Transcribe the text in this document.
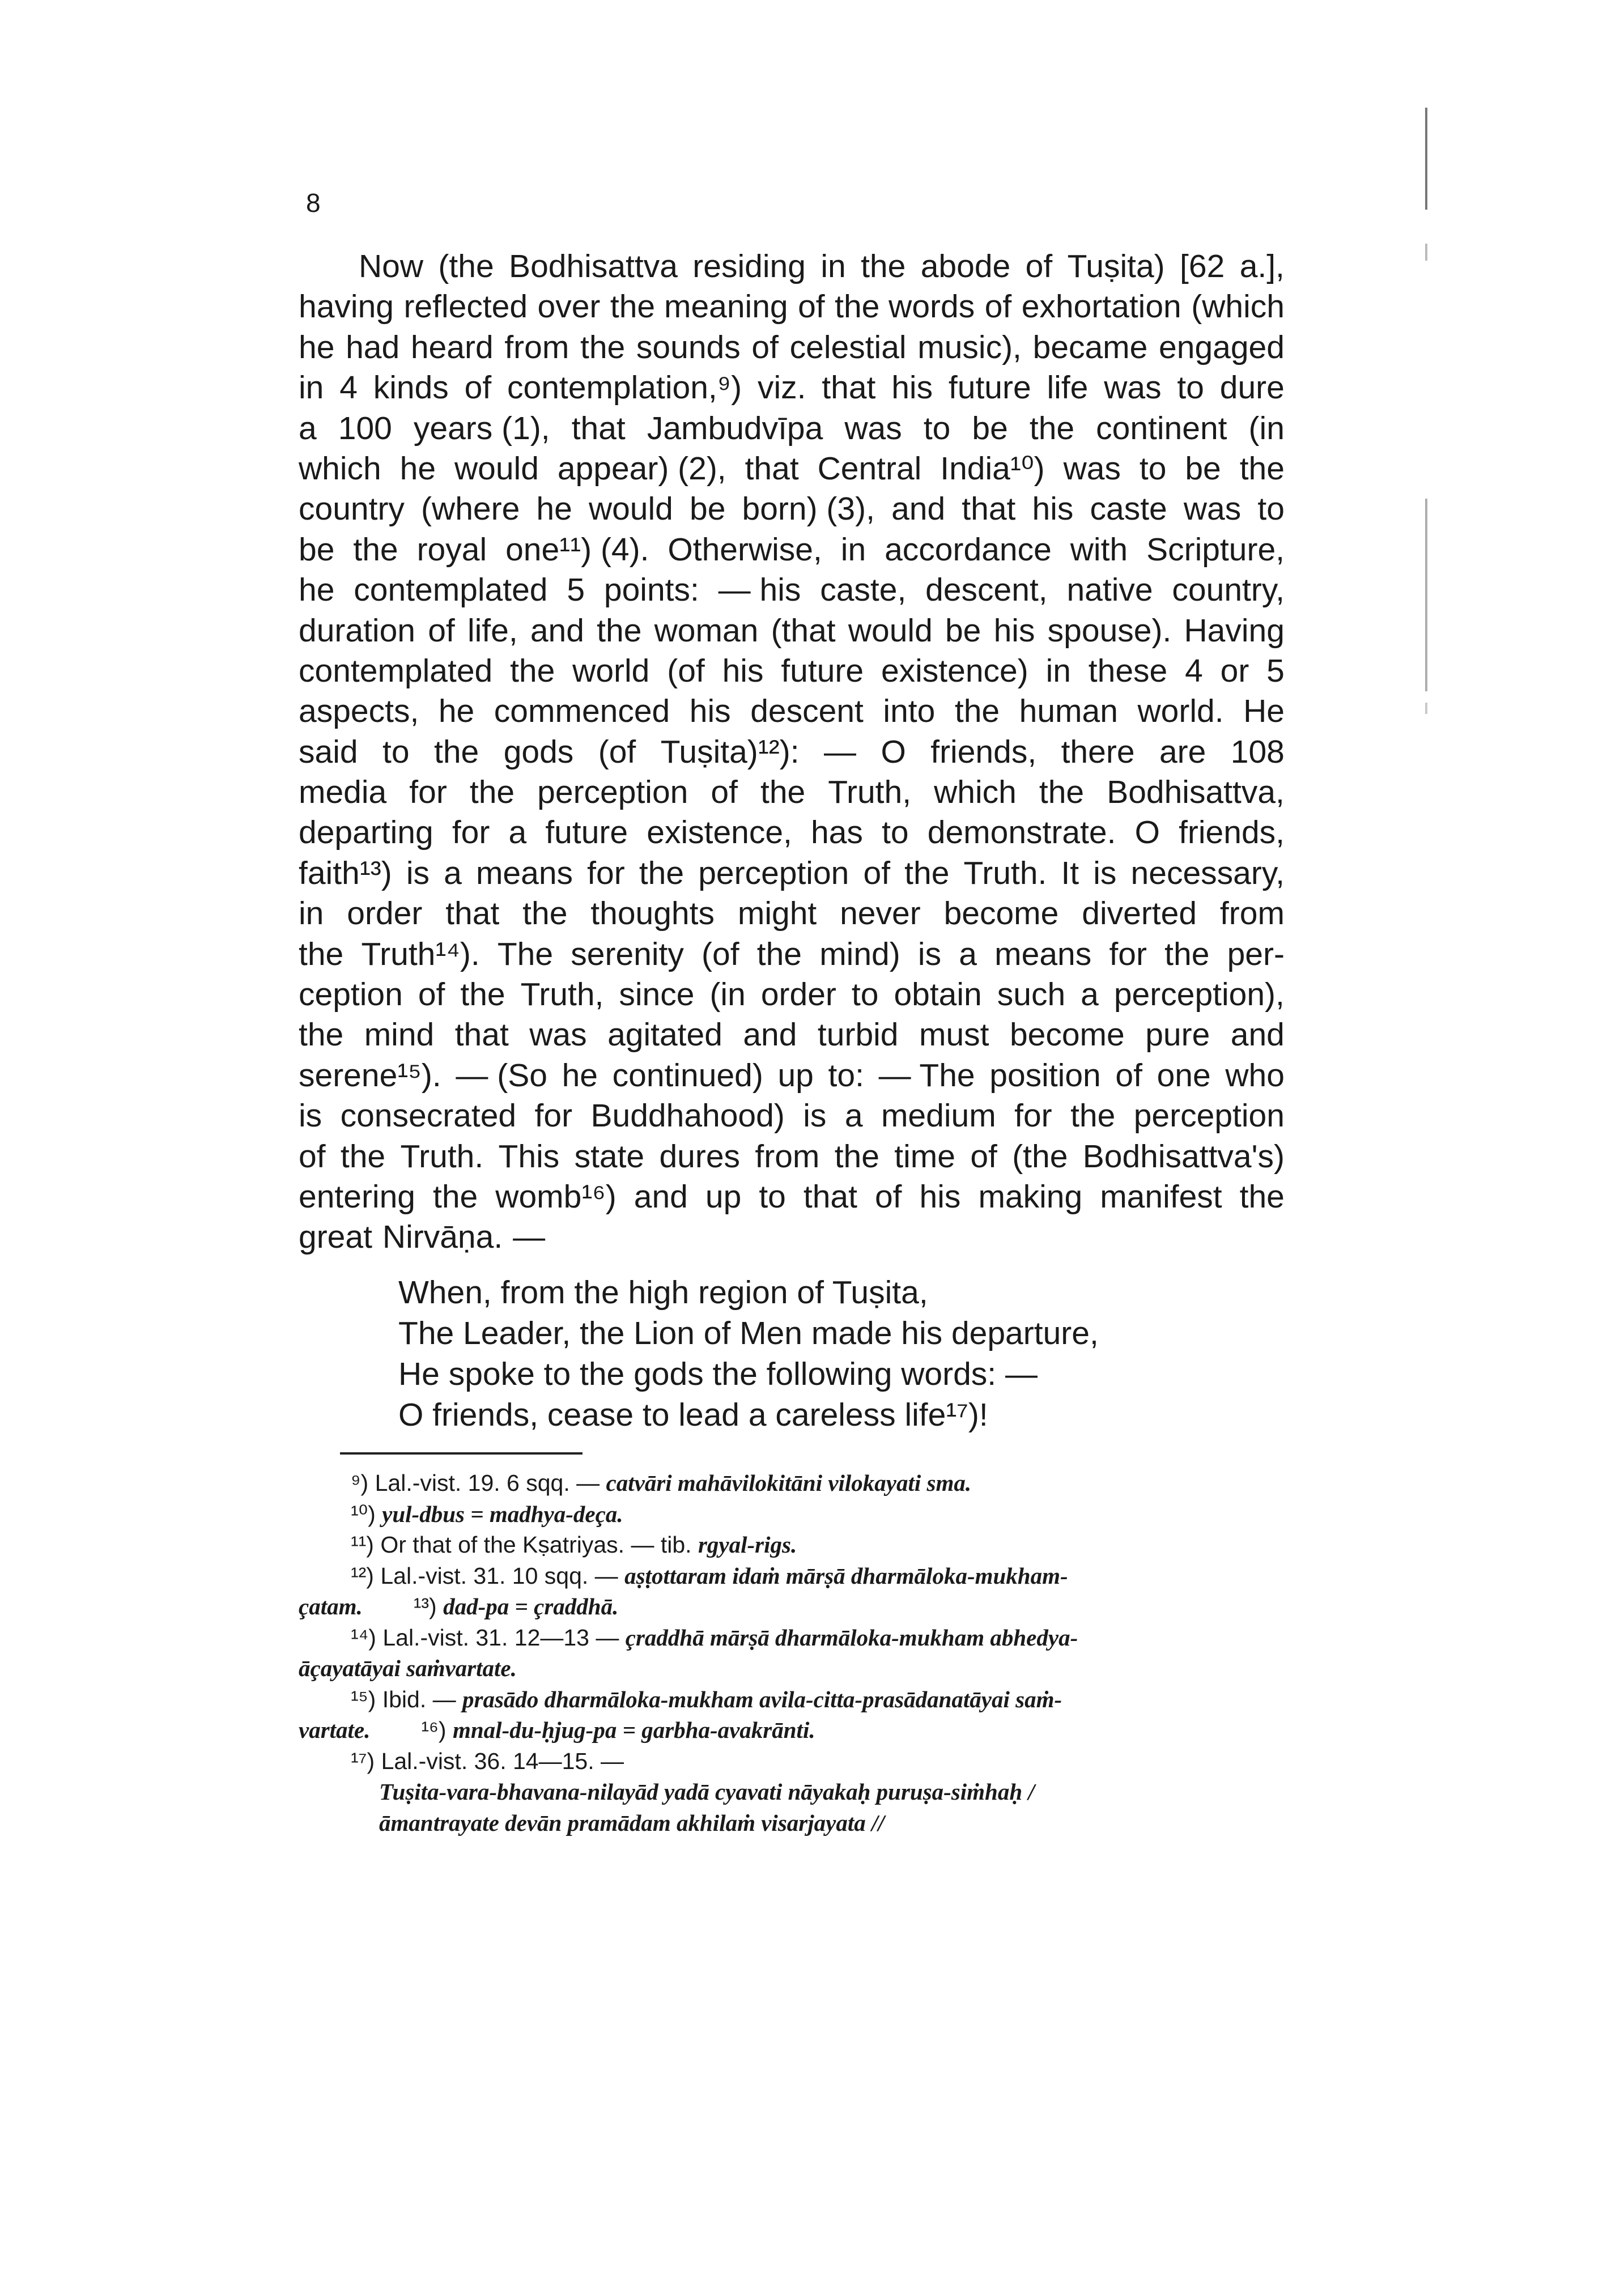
8
Now (the Bodhisattva residing in the abode of Tuṣita) [62 a.],
having reflected over the meaning of the words of exhortation (which
he had heard from the sounds of celestial music), became engaged
in 4 kinds of contemplation,⁹) viz. that his future life was to dure
a 100 years (1), that Jambudvīpa was to be the continent (in
which he would appear) (2), that Central India¹⁰) was to be the
country (where he would be born) (3), and that his caste was to
be the royal one¹¹) (4). Otherwise, in accordance with Scripture,
he contemplated 5 points: — his caste, descent, native country,
duration of life, and the woman (that would be his spouse). Having
contemplated the world (of his future existence) in these 4 or 5
aspects, he commenced his descent into the human world. He
said to the gods (of Tuṣita)¹²): — O friends, there are 108
media for the perception of the Truth, which the Bodhisattva,
departing for a future existence, has to demonstrate. O friends,
faith¹³) is a means for the perception of the Truth. It is necessary,
in order that the thoughts might never become diverted from
the Truth¹⁴). The serenity (of the mind) is a means for the per-
ception of the Truth, since (in order to obtain such a perception),
the mind that was agitated and turbid must become pure and
serene¹⁵). — (So he continued) up to: — The position of one who
is consecrated for Buddhahood) is a medium for the perception
of the Truth. This state dures from the time of (the Bodhisattva's)
entering the womb¹⁶) and up to that of his making manifest the
great Nirvāṇa. —
When, from the high region of Tuṣita,
The Leader, the Lion of Men made his departure,
He spoke to the gods the following words: —
O friends, cease to lead a careless life¹⁷)!
⁹) Lal.-vist. 19. 6 sqq. — catvāri mahāvilokitāni vilokayati sma.
¹⁰) yul-dbus = madhya-deça.
¹¹) Or that of the Kṣatriyas. — tib. rgyal-rigs.
¹²) Lal.-vist. 31. 10 sqq. — aṣṭottaram idaṁ mārṣā dharmāloka-mukham-
çatam. ¹³) dad-pa = çraddhā.
¹⁴) Lal.-vist. 31. 12—13 — çraddhā mārṣā dharmāloka-mukham abhedya-
āçayatāyai saṁvartate.
¹⁵) Ibid. — prasādo dharmāloka-mukham avila-citta-prasādanatāyai saṁ-
vartate. ¹⁶) mnal-du-ḥjug-pa = garbha-avakrānti.
¹⁷) Lal.-vist. 36. 14—15. —
Tuṣita-vara-bhavana-nilayād yadā cyavati nāyakaḥ puruṣa-siṁhaḥ /
āmantrayate devān pramādam akhilaṁ visarjayata //
